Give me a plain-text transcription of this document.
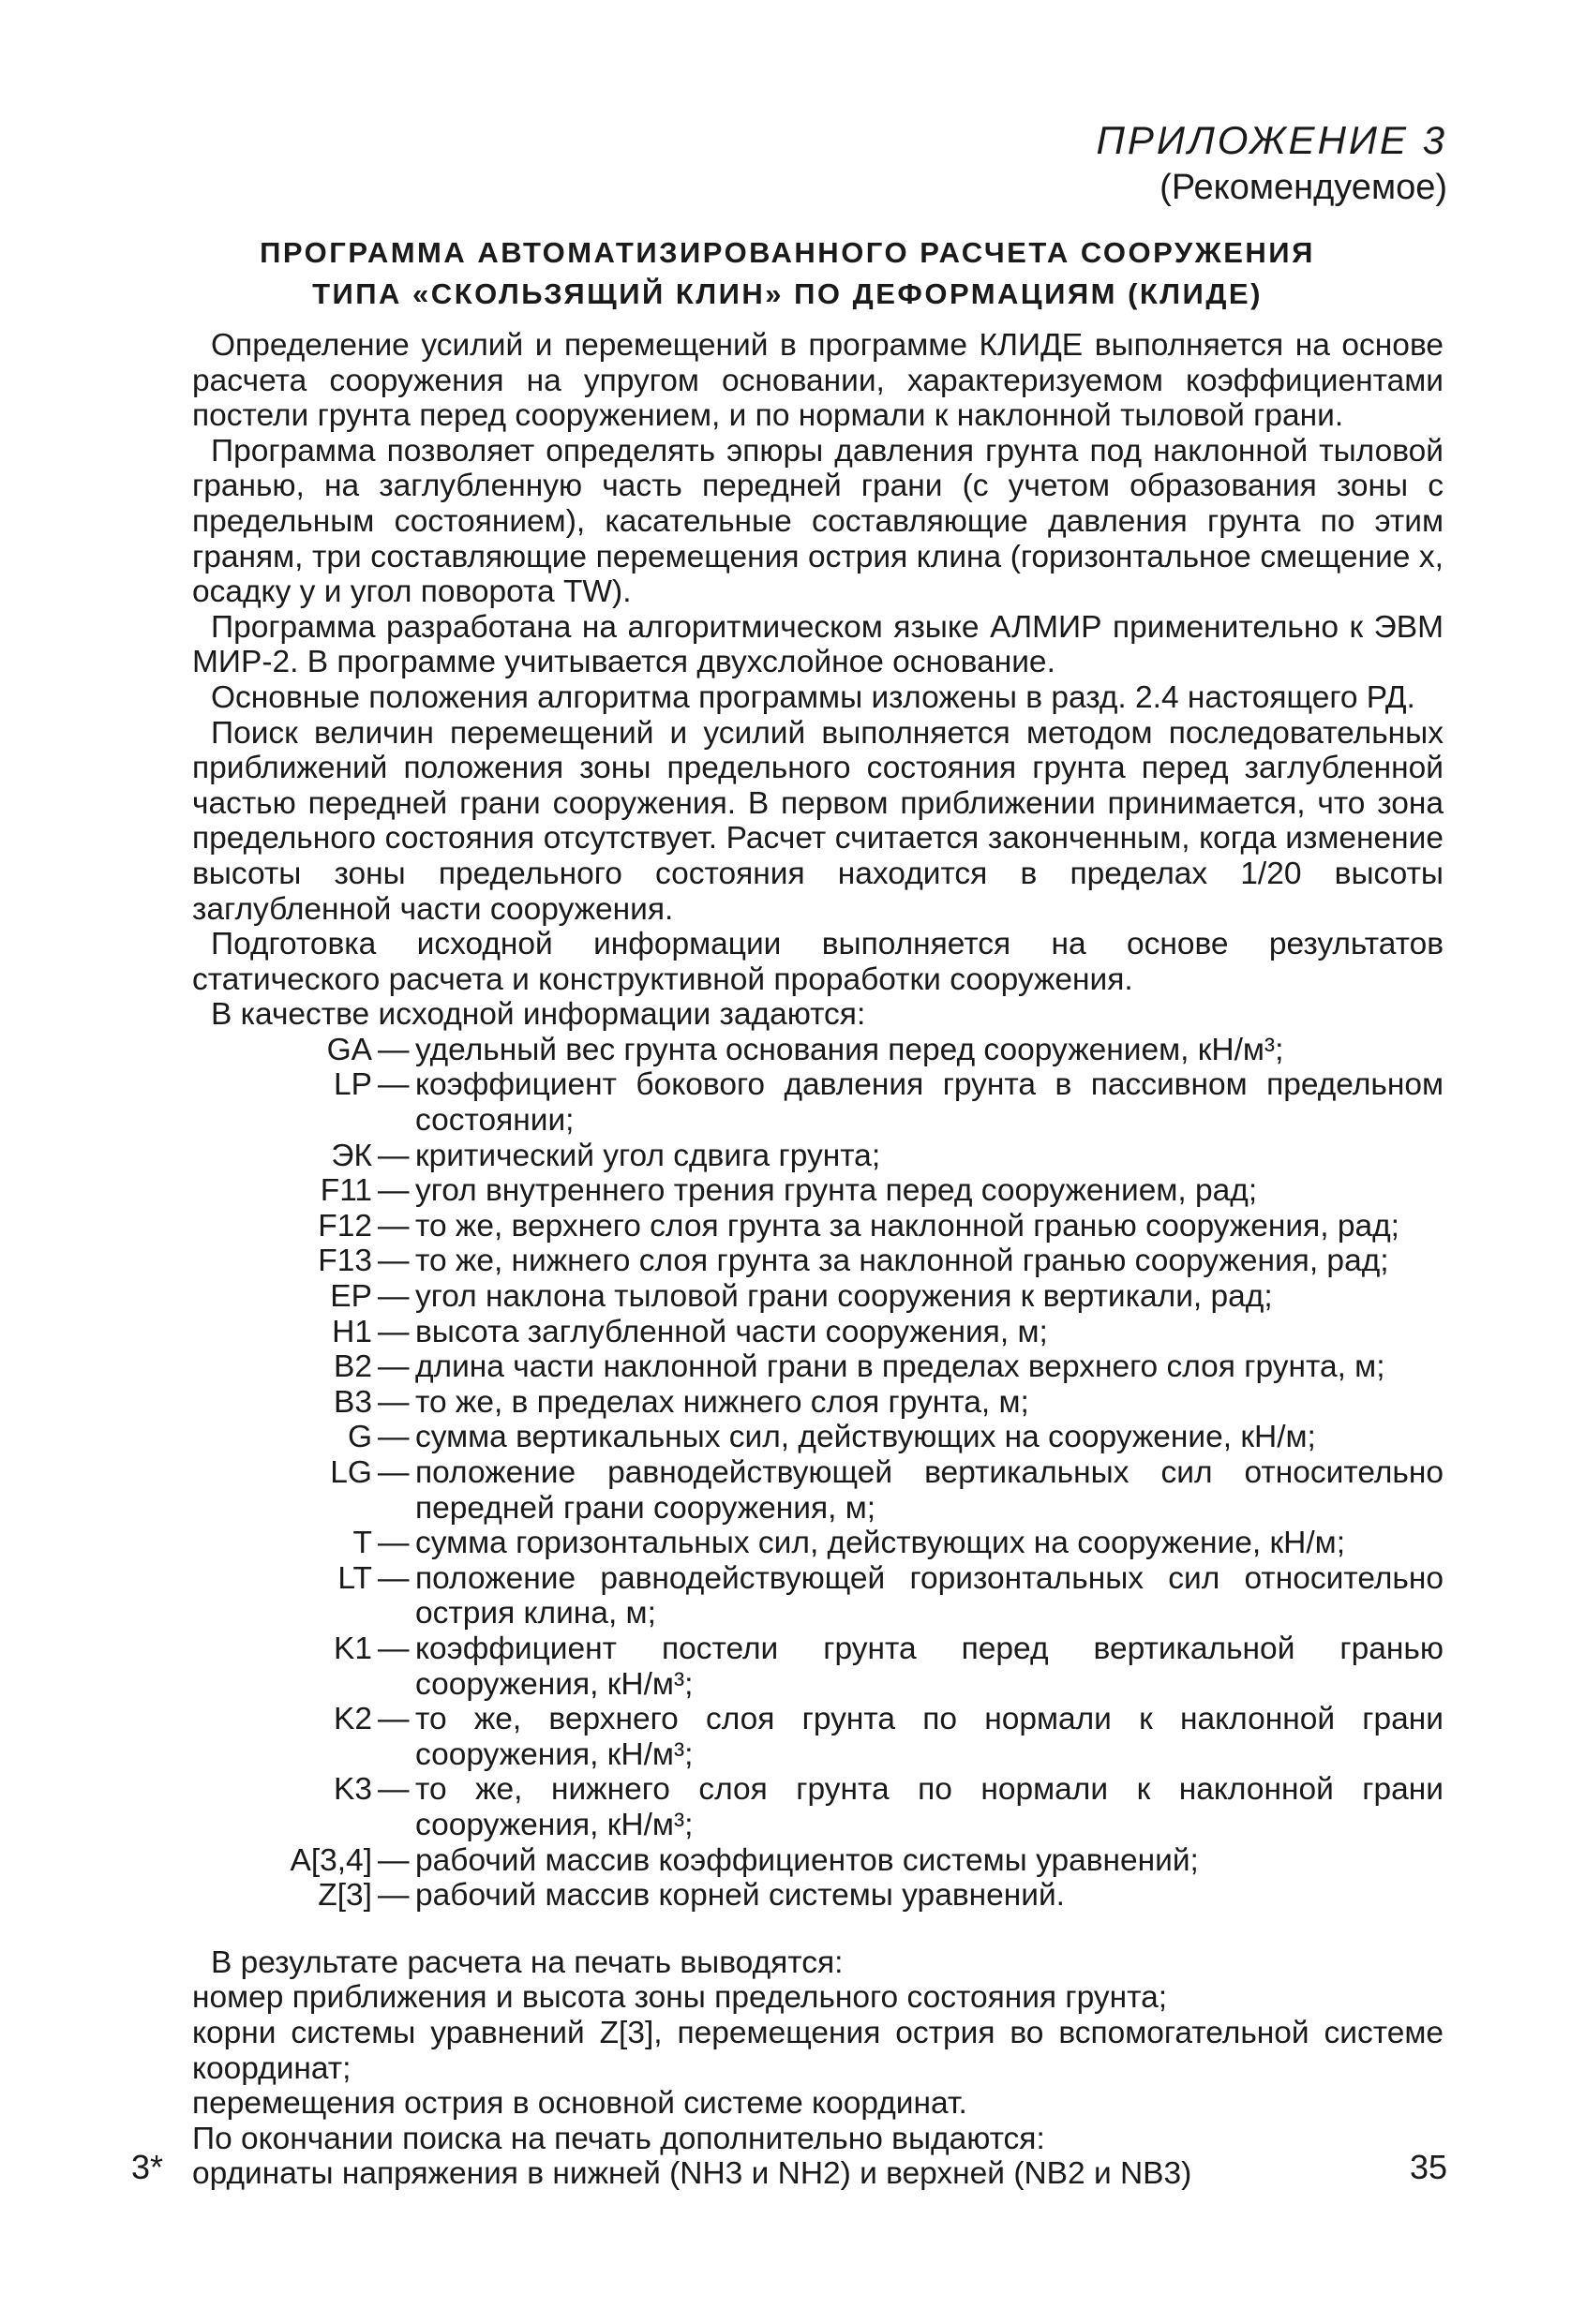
ПРИЛОЖЕНИЕ 3
(Рекомендуемое)
ПРОГРАММА АВТОМАТИЗИРОВАННОГО РАСЧЕТА СООРУЖЕНИЯ
ТИПА «СКОЛЬЗЯЩИЙ КЛИН» ПО ДЕФОРМАЦИЯМ (КЛИДЕ)

Определение усилий и перемещений в программе КЛИДЕ выполняется на основе расчета сооружения на упругом основании, характеризуемом коэффициентами постели грунта перед сооружением, и по нормали к наклонной тыловой грани.

Программа позволяет определять эпюры давления грунта под наклонной тыловой гранью, на заглубленную часть передней грани (с учетом образования зоны с предельным состоянием), касательные составляющие давления грунта по этим граням, три составляющие перемещения острия клина (горизонтальное смещение x, осадку y и угол поворота TW).

Программа разработана на алгоритмическом языке АЛМИР применительно к ЭВМ МИР-2. В программе учитывается двухслойное основание.

Основные положения алгоритма программы изложены в разд. 2.4 настоящего РД.

Поиск величин перемещений и усилий выполняется методом последовательных приближений положения зоны предельного состояния грунта перед заглубленной частью передней грани сооружения. В первом приближении принимается, что зона предельного состояния отсутствует. Расчет считается законченным, когда изменение высоты зоны предельного состояния находится в пределах 1/20 высоты заглубленной части сооружения.

Подготовка исходной информации выполняется на основе результатов статического расчета и конструктивной проработки сооружения.

В качестве исходной информации задаются:

GA — удельный вес грунта основания перед сооружением, кН/м³;
LP — коэффициент бокового давления грунта в пассивном предельном состоянии;
ЭК — критический угол сдвига грунта;
F11 — угол внутреннего трения грунта перед сооружением, рад;
F12 — то же, верхнего слоя грунта за наклонной гранью сооружения, рад;
F13 — то же, нижнего слоя грунта за наклонной гранью сооружения, рад;
EP — угол наклона тыловой грани сооружения к вертикали, рад;
H1 — высота заглубленной части сооружения, м;
B2 — длина части наклонной грани в пределах верхнего слоя грунта, м;
B3 — то же, в пределах нижнего слоя грунта, м;
G — сумма вертикальных сил, действующих на сооружение, кН/м;
LG — положение равнодействующей вертикальных сил относительно передней грани сооружения, м;
T — сумма горизонтальных сил, действующих на сооружение, кН/м;
LT — положение равнодействующей горизонтальных сил относительно острия клина, м;
K1 — коэффициент постели грунта перед вертикальной гранью сооружения, кН/м³;
K2 — то же, верхнего слоя грунта по нормали к наклонной грани сооружения, кН/м³;
K3 — то же, нижнего слоя грунта по нормали к наклонной грани сооружения, кН/м³;
A[3,4] — рабочий массив коэффициентов системы уравнений;
Z[3] — рабочий массив корней системы уравнений.

В результате расчета на печать выводятся:

номер приближения и высота зоны предельного состояния грунта;

корни системы уравнений Z[3], перемещения острия во вспомогательной системе координат;

перемещения острия в основной системе координат.

По окончании поиска на печать дополнительно выдаются:

ординаты напряжения в нижней (NH3 и NH2) и верхней (NB2 и NB3)

3*	35
